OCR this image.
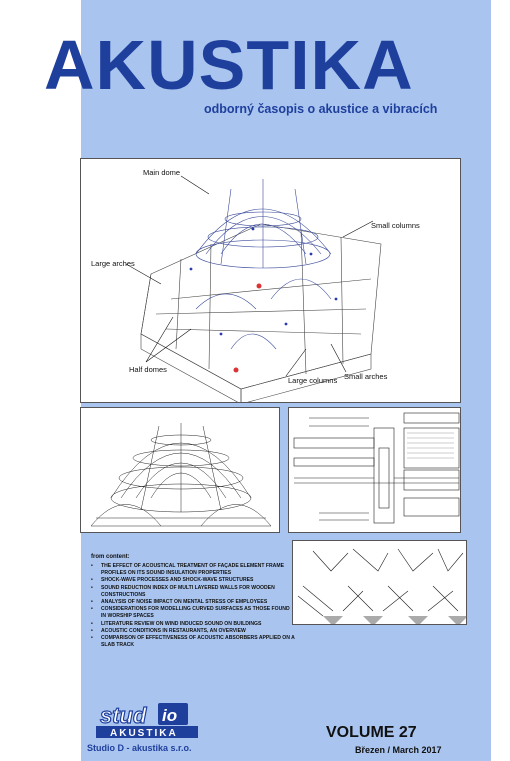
AKUSTIKA
odborný časopis o akustice a vibracích
Main dome
Small columns
Large arches
Half domes
Large columns Small arches
from content:
• THE EFFECT OF ACOUSTICAL TREATMENT OF FAÇADE ELEMENT FRAME PROFILES ON ITS SOUND INSULATION PROPERTIES
• SHOCK-WAVE PROCESSES AND SHOCK-WAVE STRUCTURES
• SOUND REDUCTION INDEX OF MULTI LAYERED WALLS FOR WOODEN CONSTRUCTIONS
• ANALYSIS OF NOISE IMPACT ON MENTAL STRESS OF EMPLOYEES
• CONSIDERATIONS FOR MODELLING CURVED SURFACES AS THOSE FOUND IN WORSHIP SPACES
• LITERATURE REVIEW ON WIND INDUCED SOUND ON BUILDINGS
• ACOUSTIC CONDITIONS IN RESTAURANTS, AN OVERVIEW
• COMPARISON OF EFFECTIVENESS OF ACOUSTIC ABSORBERS APPLIED ON A SLAB TRACK
stud io
AKUSTIKA
Studio D - akustika s.r.o.
VOLUME 27
Březen / March 2017
